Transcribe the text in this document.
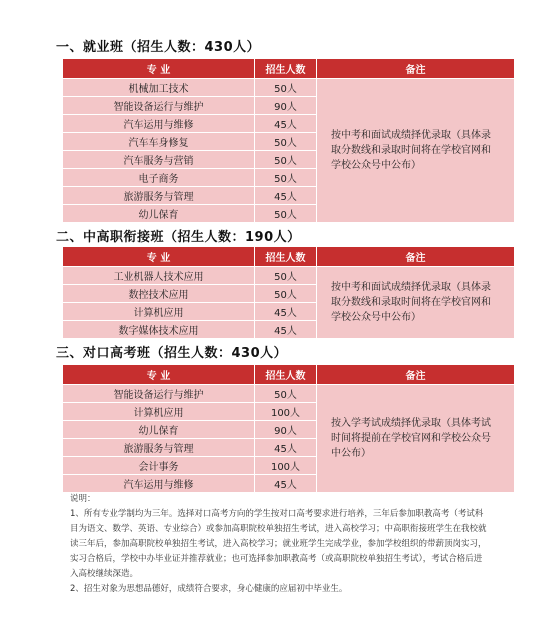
一、就业班（招生人数：430人）
专 业	招生人数	备注
机械加工技术	50人	按中考和面试成绩择优录取（具体录取分数线和录取时间将在学校官网和学校公众号中公布）
智能设备运行与维护	90人	
汽车运用与维修	45人	
汽车车身修复	50人	
汽车服务与营销	50人	
电子商务	50人	
旅游服务与管理	45人	
幼儿保育	50人	
二、中高职衔接班（招生人数：190人）
专 业	招生人数	备注
工业机器人技术应用	50人	按中考和面试成绩择优录取（具体录取分数线和录取时间将在学校官网和学校公众号中公布）
数控技术应用	50人	
计算机应用	45人	
数字媒体技术应用	45人	
三、对口高考班（招生人数：430人）
专 业	招生人数	备注
智能设备运行与维护	50人	按入学考试成绩择优录取（具体考试时间将提前在学校官网和学校公众号中公布）
计算机应用	100人	
幼儿保育	90人	
旅游服务与管理	45人	
会计事务	100人	
汽车运用与维修	45人	

说明：

1、所有专业学制均为三年。选择对口高考方向的学生按对口高考要求进行培养，三年后参加职教高考（考试科目为语文、数学、英语、专业综合）或参加高职院校单独招生考试，进入高校学习；中高职衔接班学生在我校就读三年后，参加高职院校单独招生考试，进入高校学习；就业班学生完成学业，参加学校组织的带薪顶岗实习，实习合格后，学校中办毕业证并推荐就业；也可选择参加职教高考（或高职院校单独招生考试），考试合格后进入高校继续深造。

2、招生对象为思想品德好，成绩符合要求，身心健康的应届初中毕业生。
